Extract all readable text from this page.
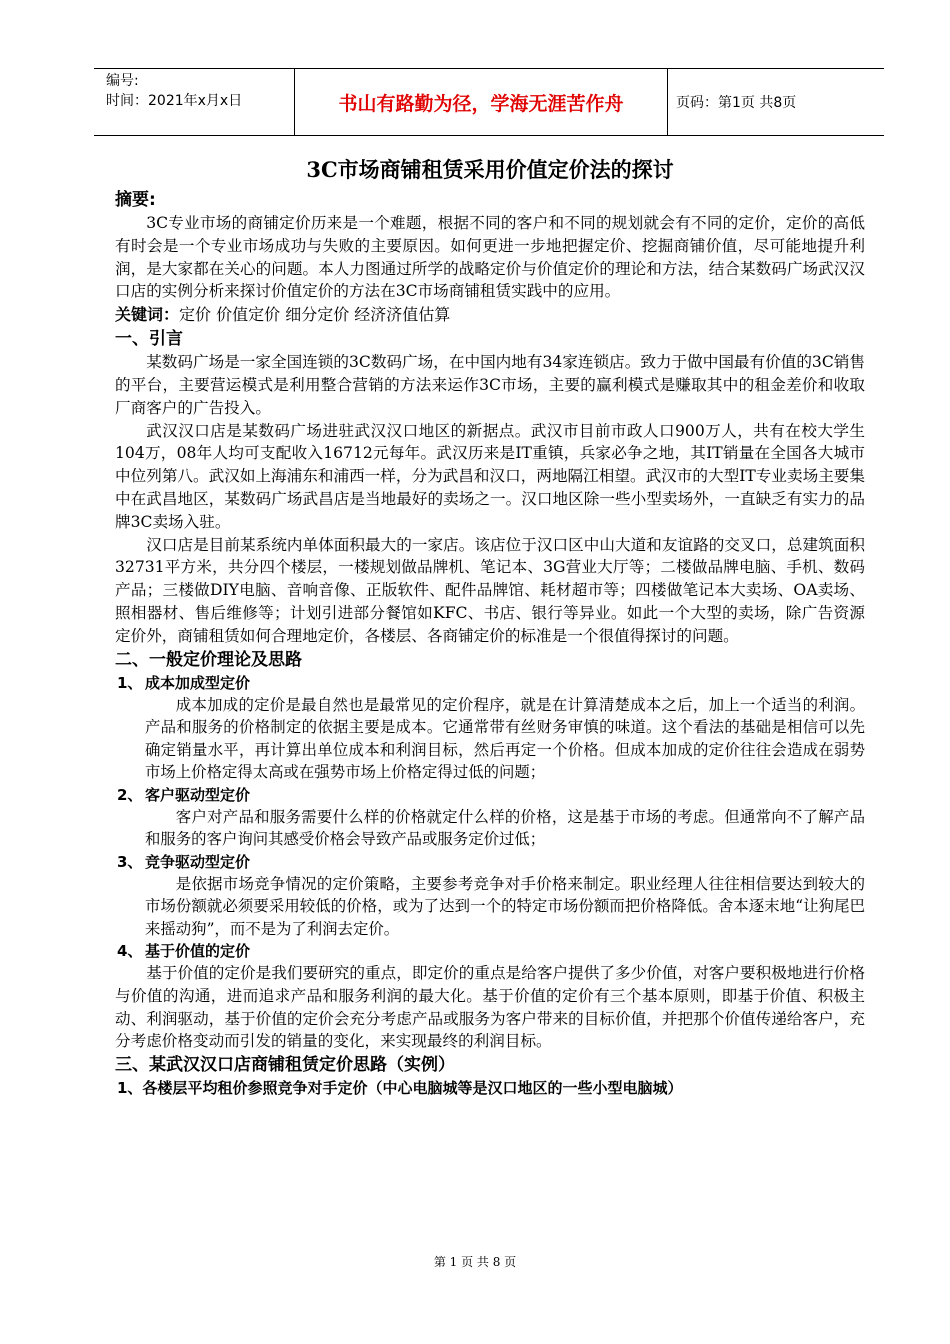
编号:
时间：2021年x月x日	书山有路勤为径，学海无涯苦作舟	页码：第1页 共8页

3C市场商铺租赁采用价值定价法的探讨

摘要:

3C专业市场的商铺定价历来是一个难题，根据不同的客户和不同的规划就会有不同的定价，定价的高低有时会是一个专业市场成功与失败的主要原因。如何更进一步地把握定价、挖掘商铺价值，尽可能地提升利润，是大家都在关心的问题。本人力图通过所学的战略定价与价值定价的理论和方法，结合某数码广场武汉汉口店的实例分析来探讨价值定价的方法在3C市场商铺租赁实践中的应用。

关键词：定价 价值定价 细分定价 经济济值估算

一、引言

某数码广场是一家全国连锁的3C数码广场，在中国内地有34家连锁店。致力于做中国最有价值的3C销售的平台，主要营运模式是利用整合营销的方法来运作3C市场，主要的赢利模式是赚取其中的租金差价和收取厂商客户的广告投入。

武汉汉口店是某数码广场进驻武汉汉口地区的新据点。武汉市目前市政人口900万人，共有在校大学生104万，08年人均可支配收入16712元每年。武汉历来是IT重镇，兵家必争之地，其IT销量在全国各大城市中位列第八。武汉如上海浦东和浦西一样，分为武昌和汉口，两地隔江相望。武汉市的大型IT专业卖场主要集中在武昌地区，某数码广场武昌店是当地最好的卖场之一。汉口地区除一些小型卖场外，一直缺乏有实力的品牌3C卖场入驻。

汉口店是目前某系统内单体面积最大的一家店。该店位于汉口区中山大道和友谊路的交叉口，总建筑面积32731平方米，共分四个楼层，一楼规划做品牌机、笔记本、3G营业大厅等；二楼做品牌电脑、手机、数码产品；三楼做DIY电脑、音响音像、正版软件、配件品牌馆、耗材超市等；四楼做笔记本大卖场、OA卖场、照相器材、售后维修等；计划引进部分餐馆如KFC、书店、银行等异业。如此一个大型的卖场，除广告资源定价外，商铺租赁如何合理地定价，各楼层、各商铺定价的标准是一个很值得探讨的问题。

二、一般定价理论及思路

1、 成本加成型定价

成本加成的定价是最自然也是最常见的定价程序，就是在计算清楚成本之后，加上一个适当的利润。产品和服务的价格制定的依据主要是成本。它通常带有丝财务审慎的味道。这个看法的基础是相信可以先确定销量水平，再计算出单位成本和利润目标，然后再定一个价格。但成本加成的定价往往会造成在弱势市场上价格定得太高或在强势市场上价格定得过低的问题；

2、 客户驱动型定价

客户对产品和服务需要什么样的价格就定什么样的价格，这是基于市场的考虑。但通常向不了解产品和服务的客户询问其感受价格会导致产品或服务定价过低；

3、 竞争驱动型定价

是依据市场竞争情况的定价策略，主要参考竞争对手价格来制定。职业经理人往往相信要达到较大的市场份额就必须要采用较低的价格，或为了达到一个的特定市场份额而把价格降低。舍本逐末地“让狗尾巴来摇动狗”，而不是为了利润去定价。

4、 基于价值的定价

基于价值的定价是我们要研究的重点，即定价的重点是给客户提供了多少价值，对客户要积极地进行价格与价值的沟通，进而追求产品和服务利润的最大化。基于价值的定价有三个基本原则，即基于价值、积极主动、利润驱动，基于价值的定价会充分考虑产品或服务为客户带来的目标价值，并把那个价值传递给客户，充分考虑价格变动而引发的销量的变化，来实现最终的利润目标。

三、某武汉汉口店商铺租赁定价思路（实例）

1、各楼层平均租价参照竞争对手定价（中心电脑城等是汉口地区的一些小型电脑城）

第 1 页 共 8 页
